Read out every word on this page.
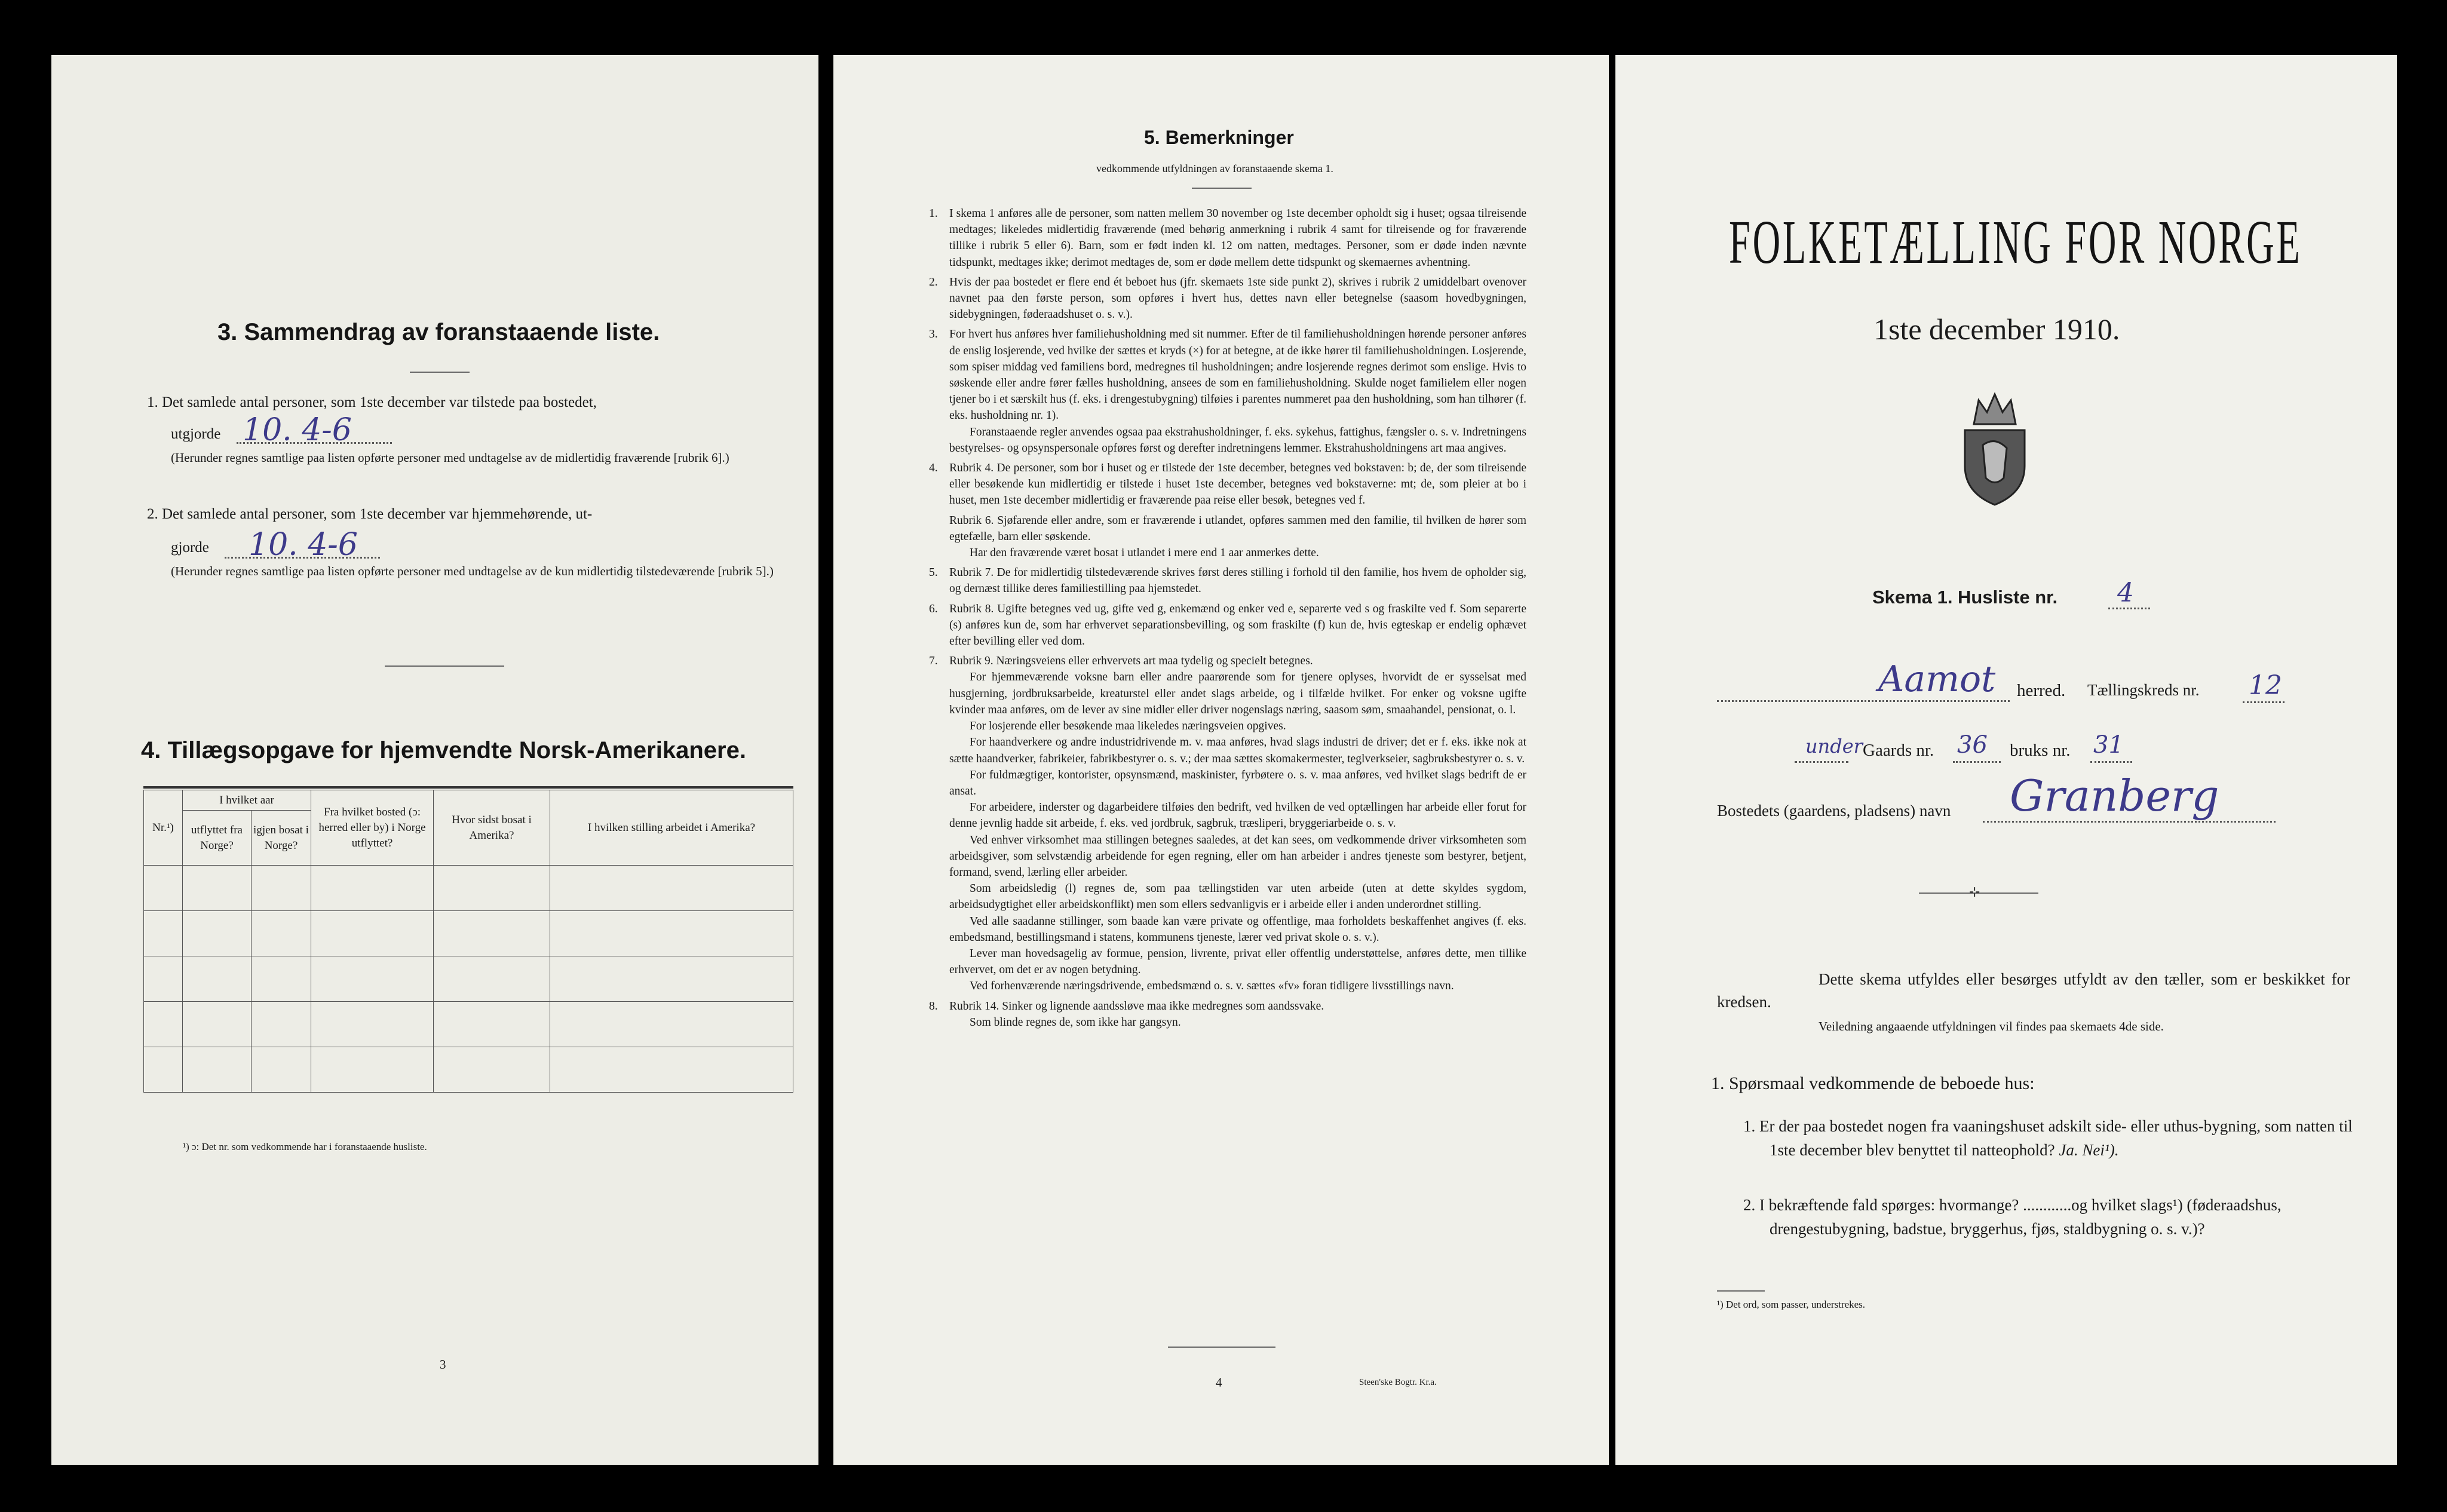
3. Sammendrag av foranstaaende liste.
1. Det samlede antal personer, som 1ste december var tilstede paa bostedet,
utgjorde 10. 4-6
(Herunder regnes samtlige paa listen opførte personer med undtagelse av de midlertidig fraværende [rubrik 6].)
2. Det samlede antal personer, som 1ste december var hjemmehørende, ut-
gjorde 10. 4-6
(Herunder regnes samtlige paa listen opførte personer med undtagelse av de kun midlertidig tilstedeværende [rubrik 5].)
4. Tillægsopgave for hjemvendte Norsk-Amerikanere.
Nr.¹)	I hvilket aar		Fra hvilket bosted (ɔ: herred eller by) i Norge utflyttet?	Hvor sidst bosat i Amerika?	I hvilken stilling arbeidet i Amerika?
	utflyttet fra Norge?	igjen bosat i Norge?			

¹) ɔ: Det nr. som vedkommende har i foranstaaende husliste.
3
5. Bemerkninger
vedkommende utfyldningen av foranstaaende skema 1.
1. I skema 1 anføres alle de personer, som natten mellem 30 november og 1ste december opholdt sig i huset; ogsaa tilreisende medtages; likeledes midlertidig fraværende (med behørig anmerkning i rubrik 4 samt for tilreisende og for fraværende tillike i rubrik 5 eller 6). Barn, som er født inden kl. 12 om natten, medtages. Personer, som er døde inden nævnte tidspunkt, medtages ikke; derimot medtages de, som er døde mellem dette tidspunkt og skemaernes avhentning.
2. Hvis der paa bostedet er flere end ét beboet hus (jfr. skemaets 1ste side punkt 2), skrives i rubrik 2 umiddelbart ovenover navnet paa den første person, som opføres i hvert hus, dettes navn eller betegnelse (saasom hovedbygningen, sidebygningen, føderaadshuset o. s. v.).
3. For hvert hus anføres hver familiehusholdning med sit nummer. Efter de til familiehusholdningen hørende personer anføres de enslig losjerende, ved hvilke der sættes et kryds (×) for at betegne, at de ikke hører til familiehusholdningen. Losjerende, som spiser middag ved familiens bord, medregnes til husholdningen; andre losjerende regnes derimot som enslige. Hvis to søskende eller andre fører fælles husholdning, ansees de som en familiehusholdning. Skulde noget familielem eller nogen tjener bo i et særskilt hus (f. eks. i drengestubygning) tilføies i parentes nummeret paa den husholdning, som han tilhører (f. eks. husholdning nr. 1).
Foranstaaende regler anvendes ogsaa paa ekstrahusholdninger, f. eks. sykehus, fattighus, fængsler o. s. v. Indretningens bestyrelses- og opsynspersonale opføres først og derefter indretningens lemmer. Ekstrahusholdningens art maa angives.
4. Rubrik 4. De personer, som bor i huset og er tilstede der 1ste december, betegnes ved bokstaven: b; de, der som tilreisende eller besøkende kun midlertidig er tilstede i huset 1ste december, betegnes ved bokstaverne: mt; de, som pleier at bo i huset, men 1ste december midlertidig er fraværende paa reise eller besøk, betegnes ved f.
Rubrik 6. Sjøfarende eller andre, som er fraværende i utlandet, opføres sammen med den familie, til hvilken de hører som egtefælle, barn eller søskende.
Har den fraværende været bosat i utlandet i mere end 1 aar anmerkes dette.
5. Rubrik 7. De for midlertidig tilstedeværende skrives først deres stilling i forhold til den familie, hos hvem de opholder sig, og dernæst tillike deres familiestilling paa hjemstedet.
6. Rubrik 8. Ugifte betegnes ved ug, gifte ved g, enkemænd og enker ved e, separerte ved s og fraskilte ved f. Som separerte (s) anføres kun de, som har erhvervet separationsbevilling, og som fraskilte (f) kun de, hvis egteskap er endelig ophævet efter bevilling eller ved dom.
7. Rubrik 9. Næringsveiens eller erhvervets art maa tydelig og specielt betegnes.
For hjemmeværende voksne barn eller andre paarørende som for tjenere oplyses, hvorvidt de er sysselsat med husgjerning, jordbruksarbeide, kreaturstel eller andet slags arbeide, og i tilfælde hvilket. For enker og voksne ugifte kvinder maa anføres, om de lever av sine midler eller driver nogenslags næring, saasom søm, smaahandel, pensionat, o. l.
For losjerende eller besøkende maa likeledes næringsveien opgives.
For haandverkere og andre industridrivende m. v. maa anføres, hvad slags industri de driver; det er f. eks. ikke nok at sætte haandverker, fabrikeier, fabrikbestyrer o. s. v.; der maa sættes skomakermester, teglverkseier, sagbruksbestyrer o. s. v.
For fuldmægtiger, kontorister, opsynsmænd, maskinister, fyrbøtere o. s. v. maa anføres, ved hvilket slags bedrift de er ansat.
For arbeidere, inderster og dagarbeidere tilføies den bedrift, ved hvilken de ved optællingen har arbeide eller forut for denne jevnlig hadde sit arbeide, f. eks. ved jordbruk, sagbruk, træsliperi, bryggeriarbeide o. s. v.
Ved enhver virksomhet maa stillingen betegnes saaledes, at det kan sees, om vedkommende driver virksomheten som arbeidsgiver, som selvstændig arbeidende for egen regning, eller om han arbeider i andres tjeneste som bestyrer, betjent, formand, svend, lærling eller arbeider.
Som arbeidsledig (l) regnes de, som paa tællingstiden var uten arbeide (uten at dette skyldes sygdom, arbeidsudygtighet eller arbeidskonflikt) men som ellers sedvanligvis er i arbeide eller i anden underordnet stilling.
Ved alle saadanne stillinger, som baade kan være private og offentlige, maa forholdets beskaffenhet angives (f. eks. embedsmand, bestillingsmand i statens, kommunens tjeneste, lærer ved privat skole o. s. v.).
Lever man hovedsagelig av formue, pension, livrente, privat eller offentlig understøttelse, anføres dette, men tillike erhvervet, om det er av nogen betydning.
Ved forhenværende næringsdrivende, embedsmænd o. s. v. sættes «fv» foran tidligere livsstillings navn.
8. Rubrik 14. Sinker og lignende aandssløve maa ikke medregnes som aandssvake.
Som blinde regnes de, som ikke har gangsyn.
4	Steen'ske Bogtr. Kr.a.
FOLKETÆLLING FOR NORGE
1ste december 1910.
Skema 1. Husliste nr. 4
Aamot herred. Tællingskreds nr. 12
under Gaards nr. 36 bruks nr. 31
Bostedets (gaardens, pladsens) navn Granberg
⊹
Dette skema utfyldes eller besørges utfyldt av den tæller, som er beskikket for kredsen.
Veiledning angaaende utfyldningen vil findes paa skemaets 4de side.
1. Spørsmaal vedkommende de beboede hus:
1. Er der paa bostedet nogen fra vaaningshuset adskilt side- eller uthus-bygning, som natten til 1ste december blev benyttet til natteophold? Ja. Nei¹).
2. I bekræftende fald spørges: hvormange? ............og hvilket slags¹) (føderaadshus, drengestubygning, badstue, bryggerhus, fjøs, staldbygning o. s. v.)?
¹) Det ord, som passer, understrekes.
